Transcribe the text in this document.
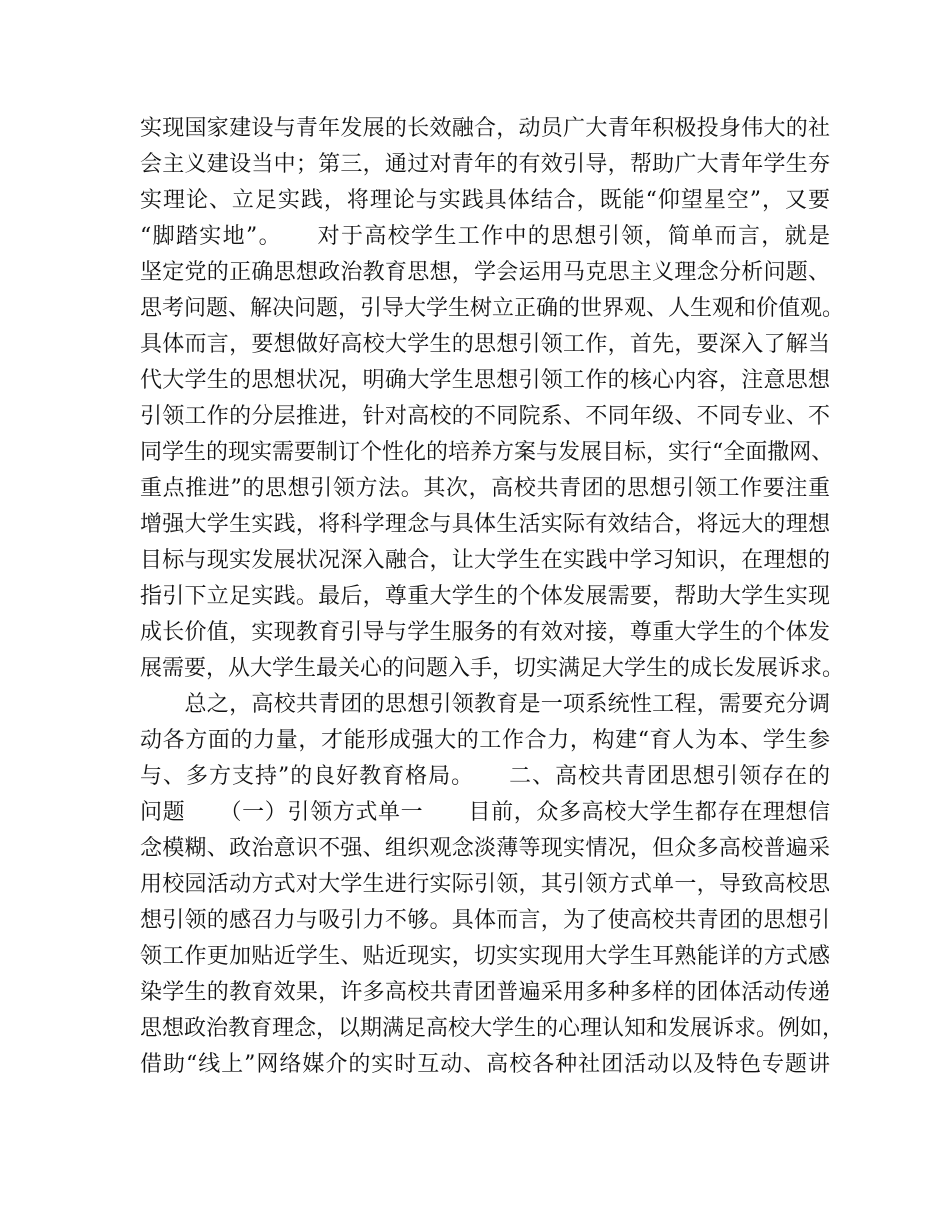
实现国家建设与青年发展的长效融合，动员广大青年积极投身伟大的社
会主义建设当中；第三，通过对青年的有效引导，帮助广大青年学生夯
实理论、立足实践，将理论与实践具体结合，既能“仰望星空”，又要
“脚踏实地”。　　对于高校学生工作中的思想引领，简单而言，就是
坚定党的正确思想政治教育思想，学会运用马克思主义理念分析问题、
思考问题、解决问题，引导大学生树立正确的世界观、人生观和价值观。
具体而言，要想做好高校大学生的思想引领工作，首先，要深入了解当
代大学生的思想状况，明确大学生思想引领工作的核心内容，注意思想
引领工作的分层推进，针对高校的不同院系、不同年级、不同专业、不
同学生的现实需要制订个性化的培养方案与发展目标，实行“全面撒网、
重点推进”的思想引领方法。其次，高校共青团的思想引领工作要注重
增强大学生实践，将科学理念与具体生活实际有效结合，将远大的理想
目标与现实发展状况深入融合，让大学生在实践中学习知识，在理想的
指引下立足实践。最后，尊重大学生的个体发展需要，帮助大学生实现
成长价值，实现教育引导与学生服务的有效对接，尊重大学生的个体发
展需要，从大学生最关心的问题入手，切实满足大学生的成长发展诉求。
　　总之，高校共青团的思想引领教育是一项系统性工程，需要充分调
动各方面的力量，才能形成强大的工作合力，构建“育人为本、学生参
与、多方支持”的良好教育格局。　　二、高校共青团思想引领存在的
问题　　（一）引领方式单一　　目前，众多高校大学生都存在理想信
念模糊、政治意识不强、组织观念淡薄等现实情况，但众多高校普遍采
用校园活动方式对大学生进行实际引领，其引领方式单一，导致高校思
想引领的感召力与吸引力不够。具体而言，为了使高校共青团的思想引
领工作更加贴近学生、贴近现实，切实实现用大学生耳熟能详的方式感
染学生的教育效果，许多高校共青团普遍采用多种多样的团体活动传递
思想政治教育理念，以期满足高校大学生的心理认知和发展诉求。例如，
借助“线上”网络媒介的实时互动、高校各种社团活动以及特色专题讲
